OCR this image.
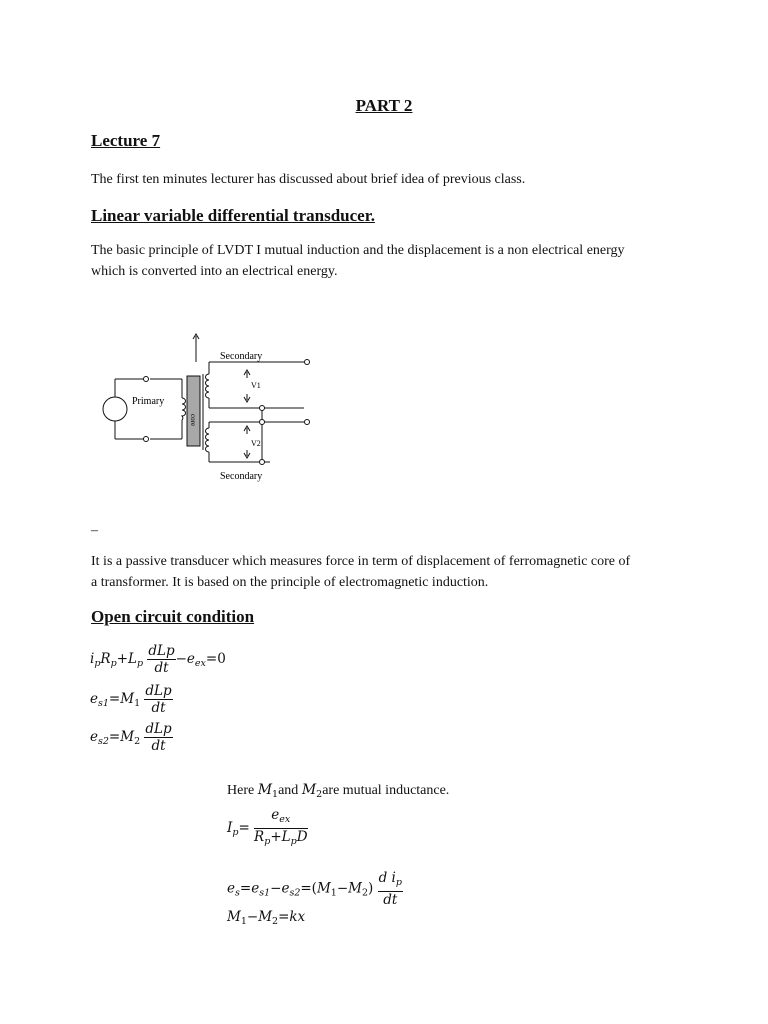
PART 2
Lecture 7
The first ten minutes lecturer has discussed about brief idea of previous class.
Linear variable differential transducer.
The basic principle of LVDT I mutual induction and the displacement is a non electrical energy
which is converted into an electrical energy.
Secondary
Primary
core
V1
V2
Secondary
–
It is a passive transducer which measures force in term of displacement of ferromagnetic core of
a transformer. It is based on the principle of electromagnetic induction.
Open circuit condition
$i_pR_p+L_p \frac{\text{dLp}}{dt} -e_{ex}=0$
$e_{s1}=M_1 \frac{\text{dLp}}{dt}$
$e_{s2}=M_2 \frac{\text{dLp}}{dt}$
Here $M_1and$ $M_2are$ mutual inductance.
$I_p= \frac{e_{ex}}{R_p+L_pD}$
$e_s=e_{s1}-e_{s2}=(M_1-M_2) \frac{d i_p}{dt}$
$M_1-M_2=kx$
